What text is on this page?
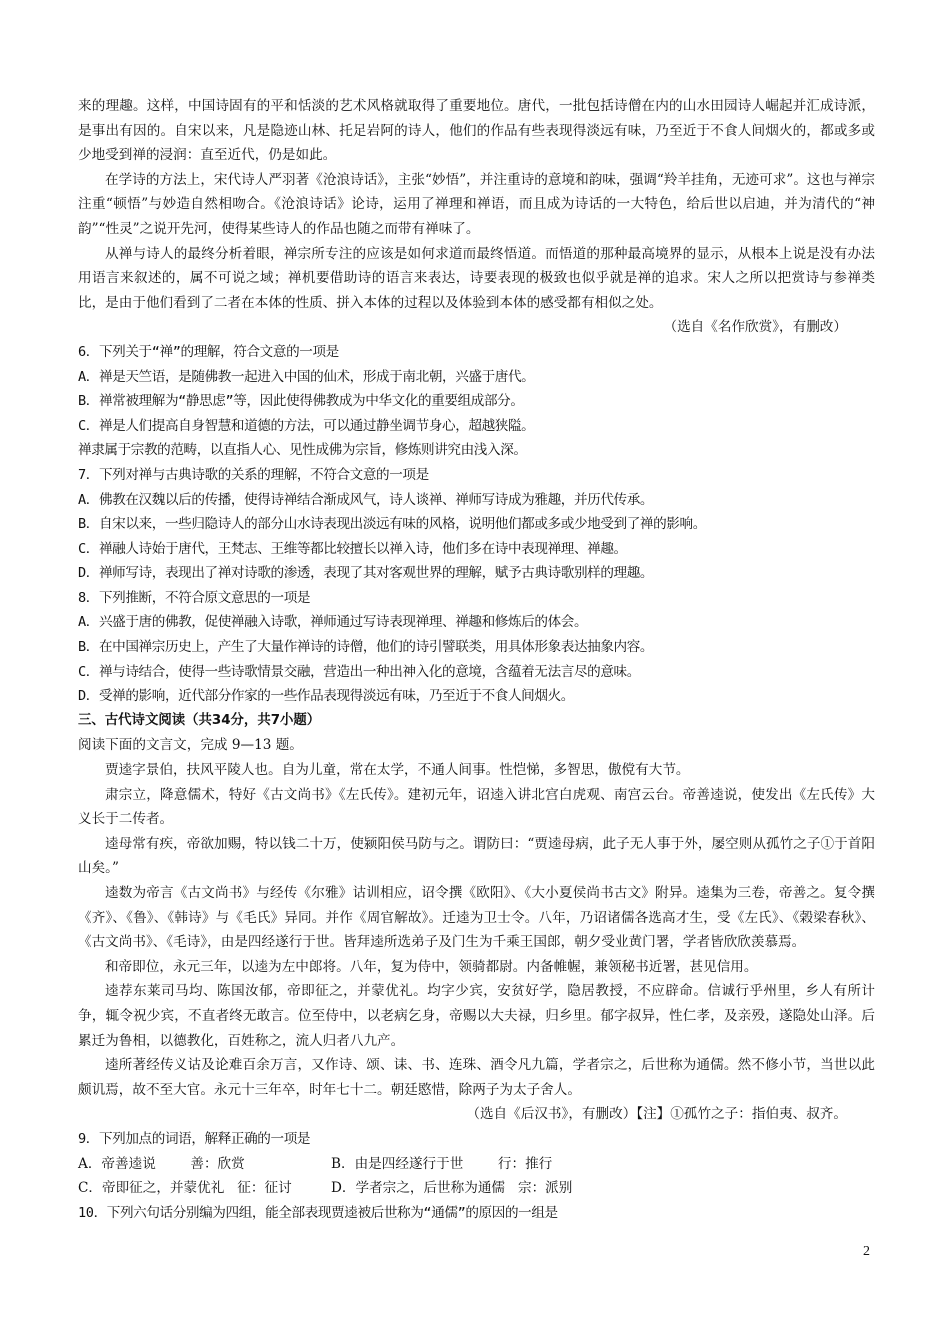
来的理趣。这样，中国诗固有的平和恬淡的艺术风格就取得了重要地位。唐代，一批包括诗僧在内的山水田园诗人崛起并汇成诗派，是事出有因的。自宋以来，凡是隐迹山林、托足岩阿的诗人，他们的作品有些表现得淡远有味，乃至近于不食人间烟火的，都或多或少地受到禅的浸润：直至近代，仍是如此。

在学诗的方法上，宋代诗人严羽著《沧浪诗话》，主张“妙悟”，并注重诗的意境和韵味，强调“羚羊挂角，无迹可求”。这也与禅宗注重“顿悟”与妙造自然相吻合。《沧浪诗话》论诗，运用了禅理和禅语，而且成为诗话的一大特色，给后世以启迪，并为清代的“神韵”“性灵”之说开先河，使得某些诗人的作品也随之而带有禅味了。

从禅与诗人的最终分析着眼，禅宗所专注的应该是如何求道而最终悟道。而悟道的那种最高境界的显示，从根本上说是没有办法用语言来叙述的，属不可说之域；禅机要借助诗的语言来表达，诗要表现的极致也似乎就是禅的追求。宋人之所以把赏诗与参禅类比，是由于他们看到了二者在本体的性质、拼入本体的过程以及体验到本体的感受都有相似之处。

（选自《名作欣赏》，有删改）

6．下列关于“禅”的理解，符合文意的一项是

A．禅是天竺语，是随佛教一起进入中国的仙术，形成于南北朝，兴盛于唐代。

B．禅常被理解为“静思虑”等，因此使得佛教成为中华文化的重要组成部分。

C．禅是人们提高自身智慧和道德的方法，可以通过静坐调节身心，超越狭隘。

禅隶属于宗教的范畴，以直指人心、见性成佛为宗旨，修炼则讲究由浅入深。

7．下列对禅与古典诗歌的关系的理解，不符合文意的一项是

A．佛教在汉魏以后的传播，使得诗禅结合渐成风气，诗人谈禅、禅师写诗成为雅趣，并历代传承。

B．自宋以来，一些归隐诗人的部分山水诗表现出淡远有味的风格，说明他们都或多或少地受到了禅的影响。

C．禅融人诗始于唐代，王梵志、王维等都比较擅长以禅入诗，他们多在诗中表现禅理、禅趣。

D．禅师写诗，表现出了禅对诗歌的渗透，表现了其对客观世界的理解，赋予古典诗歌别样的理趣。

8．下列推断，不符合原文意思的一项是

A．兴盛于唐的佛教，促使禅融入诗歌，禅师通过写诗表现禅理、禅趣和修炼后的体会。

B．在中国禅宗历史上，产生了大量作禅诗的诗僧，他们的诗引譬联类，用具体形象表达抽象内容。

C．禅与诗结合，使得一些诗歌情景交融，营造出一种出神入化的意境，含蕴着无法言尽的意味。

D．受禅的影响，近代部分作家的一些作品表现得淡远有味，乃至近于不食人间烟火。

三、古代诗文阅读（共34分，共7小题）

阅读下面的文言文，完成 9—13 题。

贾逵字景伯，扶风平陵人也。自为儿童，常在太学，不通人间事。性恺悌，多智思，傲傥有大节。

肃宗立，降意儒术，特好《古文尚书》《左氏传》。建初元年，诏逵入讲北宫白虎观、南宫云台。帝善逵说，使发出《左氏传》大义长于二传者。

逵母常有疾，帝欲加赐，特以钱二十万，使颍阳侯马防与之。谓防曰：“贾逵母病，此子无人事于外，屡空则从孤竹之子①于首阳山矣。”

逵数为帝言《古文尚书》与经传《尔雅》诂训相应，诏令撰《欧阳》、《大小夏侯尚书古文》附异。逵集为三卷，帝善之。复令撰《齐》、《鲁》、《韩诗》与《毛氏》异同。并作《周官解故》。迁逵为卫士令。八年，乃诏诸儒各选高才生，受《左氏》、《榖梁春秋》、《古文尚书》、《毛诗》，由是四经遂行于世。皆拜逵所选弟子及门生为千乘王国郎，朝夕受业黄门署，学者皆欣欣羡慕焉。

和帝即位，永元三年，以逵为左中郎将。八年，复为侍中，领骑都尉。内备帷幄，兼领秘书近署，甚见信用。

逵荐东莱司马均、陈国汝郁，帝即征之，并蒙优礼。均字少宾，安贫好学，隐居教授，不应辟命。信诚行乎州里，乡人有所计争，辄令祝少宾，不直者终无敢言。位至侍中，以老病乞身，帝赐以大夫禄，归乡里。郁字叔异，性仁孝，及亲殁，遂隐处山泽。后累迁为鲁相，以德教化，百姓称之，流人归者八九产。

逵所著经传义诂及论难百余万言，又作诗、颂、诔、书、连珠、酒令凡九篇，学者宗之，后世称为通儒。然不修小节，当世以此颇讥焉，故不至大官。永元十三年卒，时年七十二。朝廷愍惜，除两子为太子舍人。

（选自《后汉书》，有删改）【注】①孤竹之子：指伯夷、叔齐。

9．下列加点的词语，解释正确的一项是

A．帝善逵说        善：欣赏	B．由是四经遂行于世        行：推行
C．帝即征之，并蒙优礼   征：征讨	D．学者宗之，后世称为通儒   宗：派别

10．下列六句话分别编为四组，能全部表现贾逵被后世称为“通儒”的原因的一组是

2
